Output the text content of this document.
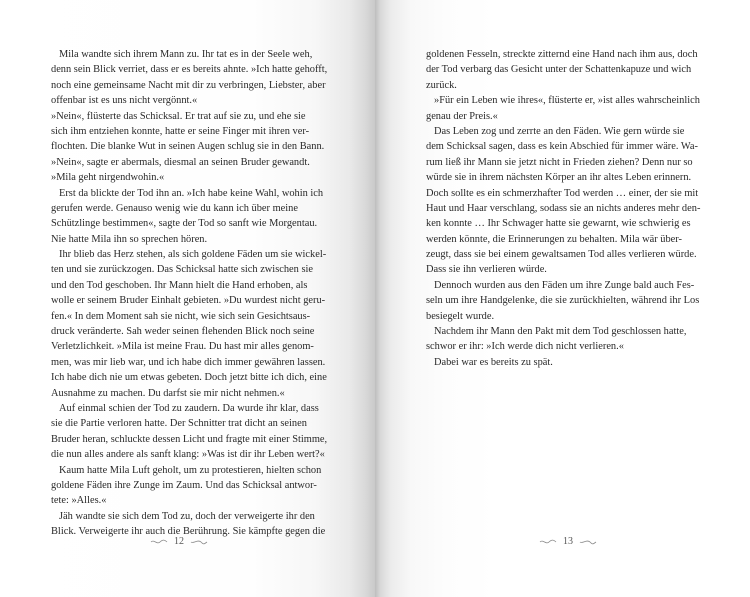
Mila wandte sich ihrem Mann zu. Ihr tat es in der Seele weh,
denn sein Blick verriet, dass er es bereits ahnte. »Ich hatte gehofft,
noch eine gemeinsame Nacht mit dir zu verbringen, Liebster, aber
offenbar ist es uns nicht vergönnt.«
»Nein«, flüsterte das Schicksal. Er trat auf sie zu, und ehe sie
sich ihm entziehen konnte, hatte er seine Finger mit ihren ver-
flochten. Die blanke Wut in seinen Augen schlug sie in den Bann.
»Nein«, sagte er abermals, diesmal an seinen Bruder gewandt.
»Mila geht nirgendwohin.«
Erst da blickte der Tod ihn an. »Ich habe keine Wahl, wohin ich
gerufen werde. Genauso wenig wie du kann ich über meine
Schützlinge bestimmen«, sagte der Tod so sanft wie Morgentau.
Nie hatte Mila ihn so sprechen hören.
Ihr blieb das Herz stehen, als sich goldene Fäden um sie wickel-
ten und sie zurückzogen. Das Schicksal hatte sich zwischen sie
und den Tod geschoben. Ihr Mann hielt die Hand erhoben, als
wolle er seinem Bruder Einhalt gebieten. »Du wurdest nicht geru-
fen.« In dem Moment sah sie nicht, wie sich sein Gesichtsaus-
druck veränderte. Sah weder seinen flehenden Blick noch seine
Verletzlichkeit. »Mila ist meine Frau. Du hast mir alles genom-
men, was mir lieb war, und ich habe dich immer gewähren lassen.
Ich habe dich nie um etwas gebeten. Doch jetzt bitte ich dich, eine
Ausnahme zu machen. Du darfst sie mir nicht nehmen.«
Auf einmal schien der Tod zu zaudern. Da wurde ihr klar, dass
sie die Partie verloren hatte. Der Schnitter trat dicht an seinen
Bruder heran, schluckte dessen Licht und fragte mit einer Stimme,
die nun alles andere als sanft klang: »Was ist dir ihr Leben wert?«
Kaum hatte Mila Luft geholt, um zu protestieren, hielten schon
goldene Fäden ihre Zunge im Zaum. Und das Schicksal antwor-
tete: »Alles.«
Jäh wandte sie sich dem Tod zu, doch der verweigerte ihr den
Blick. Verweigerte ihr auch die Berührung. Sie kämpfte gegen die
12
goldenen Fesseln, streckte zitternd eine Hand nach ihm aus, doch
der Tod verbarg das Gesicht unter der Schattenkapuze und wich
zurück.
»Für ein Leben wie ihres«, flüsterte er, »ist alles wahrscheinlich
genau der Preis.«
Das Leben zog und zerrte an den Fäden. Wie gern würde sie
dem Schicksal sagen, dass es kein Abschied für immer wäre. Wa-
rum ließ ihr Mann sie jetzt nicht in Frieden ziehen? Denn nur so
würde sie in ihrem nächsten Körper an ihr altes Leben erinnern.
Doch sollte es ein schmerzhafter Tod werden … einer, der sie mit
Haut und Haar verschlang, sodass sie an nichts anderes mehr den-
ken konnte … Ihr Schwager hatte sie gewarnt, wie schwierig es
werden könnte, die Erinnerungen zu behalten. Mila wär über-
zeugt, dass sie bei einem gewaltsamen Tod alles verlieren würde.
Dass sie ihn verlieren würde.
Dennoch wurden aus den Fäden um ihre Zunge bald auch Fes-
seln um ihre Handgelenke, die sie zurückhielten, während ihr Los
besiegelt wurde.
Nachdem ihr Mann den Pakt mit dem Tod geschlossen hatte,
schwor er ihr: »Ich werde dich nicht verlieren.«
Dabei war es bereits zu spät.
13
